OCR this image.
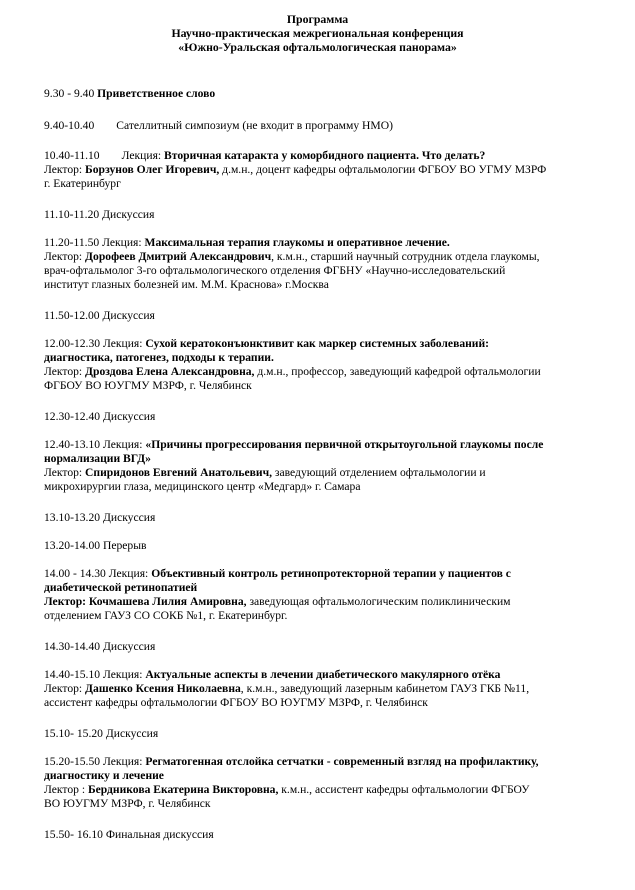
Программа
Научно-практическая межрегиональная конференция
«Южно-Уральская офтальмологическая панорама»
9.30 - 9.40 Приветственное слово
9.40-10.40 Сателлитный симпозиум (не входит в программу НМО)
10.40-11.10 Лекция: Вторичная катаракта у коморбидного пациента. Что делать?
Лектор: Борзунов Олег Игоревич, д.м.н., доцент кафедры офтальмологии ФГБОУ ВО УГМУ МЗРФ
г. Екатеринбург
11.10-11.20 Дискуссия
11.20-11.50 Лекция: Максимальная терапия глаукомы и оперативное лечение.
Лектор: Дорофеев Дмитрий Александрович, к.м.н., старший научный сотрудник отдела глаукомы,
врач-офтальмолог 3-го офтальмологического отделения ФГБНУ «Научно-исследовательский
институт глазных болезней им. М.М. Краснова» г.Москва
11.50-12.00 Дискуссия
12.00-12.30 Лекция: Сухой кератоконъюнктивит как маркер системных заболеваний:
диагностика, патогенез, подходы к терапии.
Лектор: Дроздова Елена Александровна, д.м.н., профессор, заведующий кафедрой офтальмологии
ФГБОУ ВО ЮУГМУ МЗРФ, г. Челябинск
12.30-12.40 Дискуссия
12.40-13.10 Лекция: «Причины прогрессирования первичной открытоугольной глаукомы после
нормализации ВГД»
Лектор: Спиридонов Евгений Анатольевич, заведующий отделением офтальмологии и
микрохирургии глаза, медицинского центр «Медгард» г. Самара
13.10-13.20 Дискуссия
13.20-14.00 Перерыв
14.00 - 14.30 Лекция: Объективный контроль ретинопротекторной терапии у пациентов с
диабетической ретинопатией
Лектор: Кочмашева Лилия Амировна, заведующая офтальмологическим поликлиническим
отделением ГАУЗ СО СОКБ №1, г. Екатеринбург.
14.30-14.40 Дискуссия
14.40-15.10 Лекция: Актуальные аспекты в лечении диабетического макулярного отёка
Лектор: Дашенко Ксения Николаевна, к.м.н., заведующий лазерным кабинетом ГАУЗ ГКБ №11,
ассистент кафедры офтальмологии ФГБОУ ВО ЮУГМУ МЗРФ, г. Челябинск
15.10- 15.20 Дискуссия
15.20-15.50 Лекция: Регматогенная отслойка сетчатки - современный взгляд на профилактику,
диагностику и лечение
Лектор : Бердникова Екатерина Викторовна, к.м.н., ассистент кафедры офтальмологии ФГБОУ
ВО ЮУГМУ МЗРФ, г. Челябинск
15.50- 16.10 Финальная дискуссия
